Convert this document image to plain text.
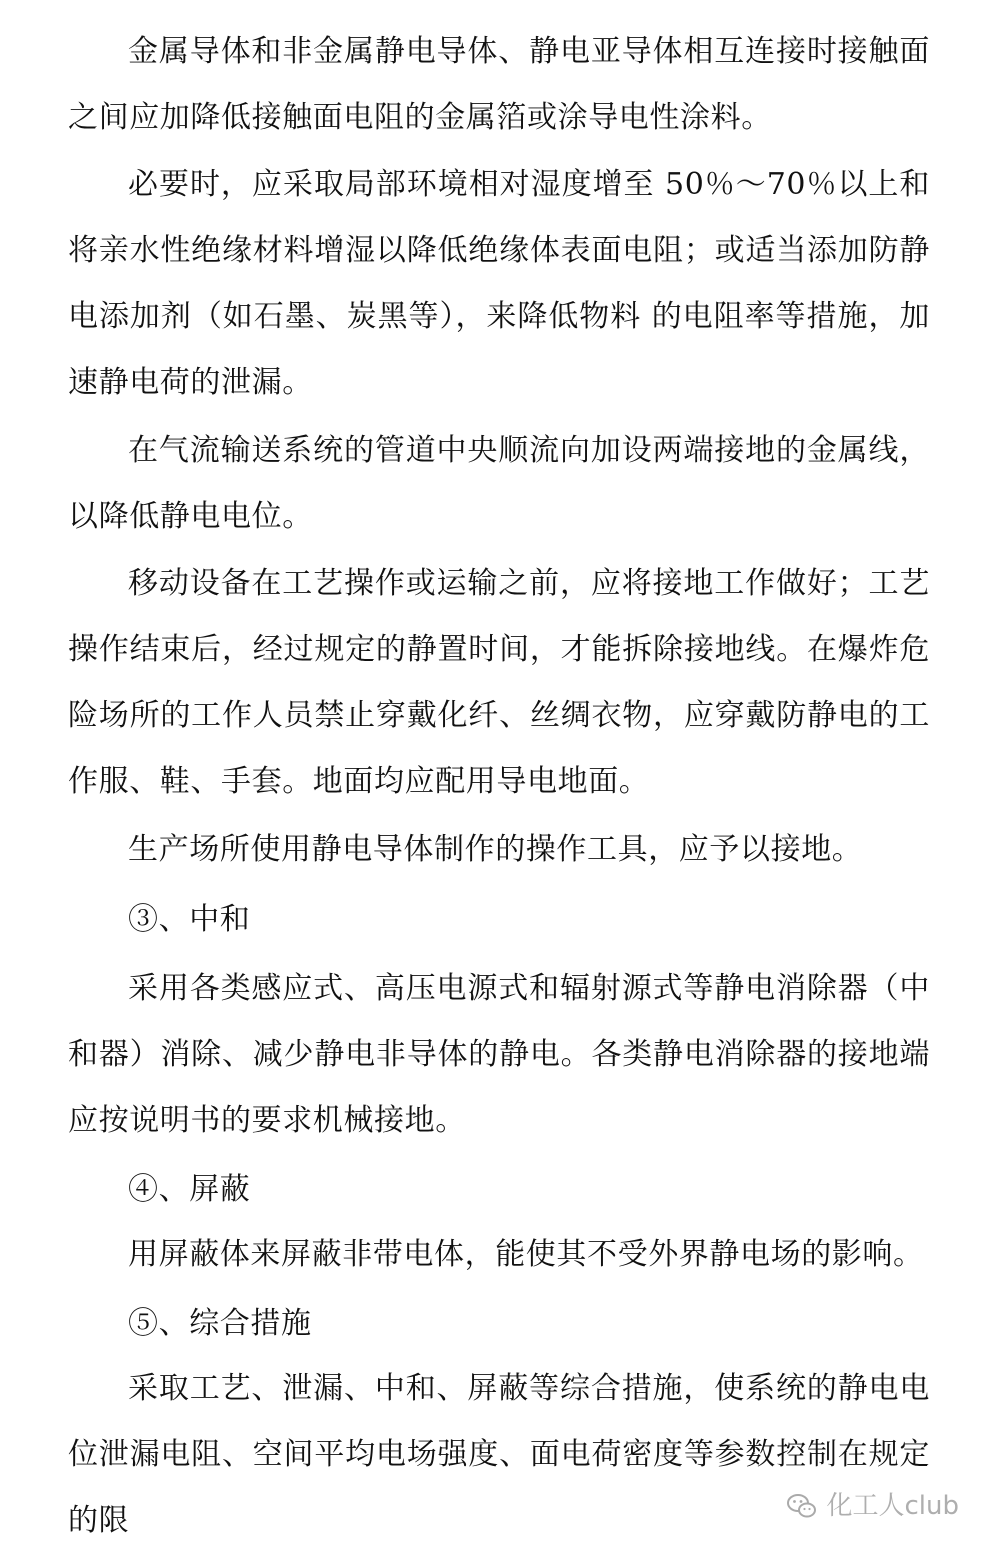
金属导体和非金属静电导体、静电亚导体相互连接时接触面之间应加降低接触面电阻的金属箔或涂导电性涂料。

必要时，应采取局部环境相对湿度增至 50％～70％以上和将亲水性绝缘材料增湿以降低绝缘体表面电阻；或适当添加防静电添加剂（如石墨、炭黑等），来降低物料 的电阻率等措施，加速静电荷的泄漏。

在气流输送系统的管道中央顺流向加设两端接地的金属线，以降低静电电位。

移动设备在工艺操作或运输之前，应将接地工作做好；工艺操作结束后，经过规定的静置时间，才能拆除接地线。在爆炸危险场所的工作人员禁止穿戴化纤、丝绸衣物，应穿戴防静电的工作服、鞋、手套。地面均应配用导电地面。

生产场所使用静电导体制作的操作工具，应予以接地。

③、中和

采用各类感应式、高压电源式和辐射源式等静电消除器（中和器）消除、减少静电非导体的静电。各类静电消除器的接地端应按说明书的要求机械接地。

④、屏蔽

用屏蔽体来屏蔽非带电体，能使其不受外界静电场的影响。

⑤、综合措施

采取工艺、泄漏、中和、屏蔽等综合措施，使系统的静电电位泄漏电阻、空间平均电场强度、面电荷密度等参数控制在规定的限	化工人club
